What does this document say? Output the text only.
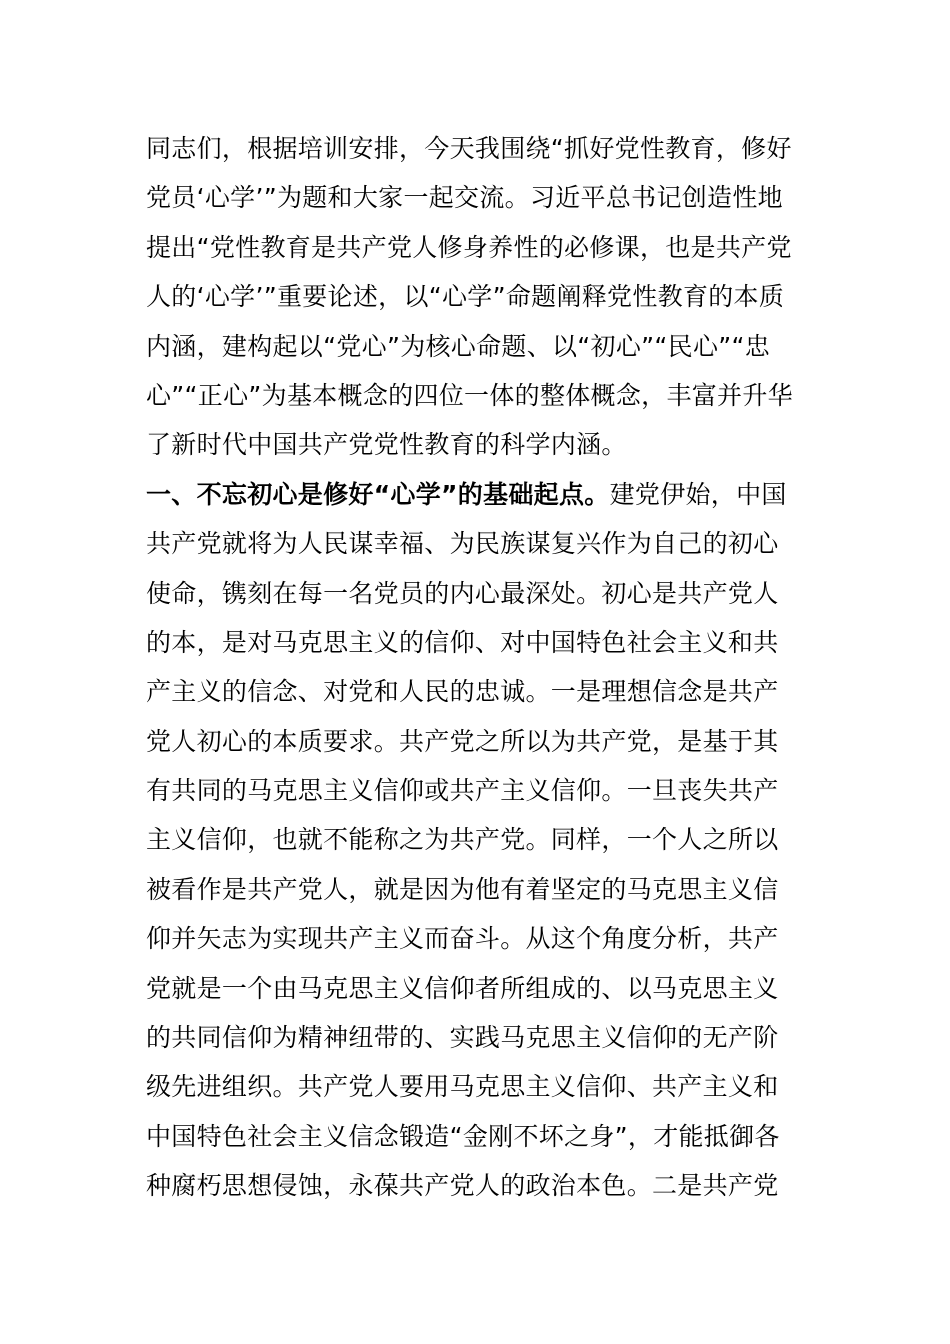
同志们，根据培训安排，今天我围绕“抓好党性教育，修好
党员‘心学’”为题和大家一起交流。习近平总书记创造性地
提出“党性教育是共产党人修身养性的必修课，也是共产党
人的‘心学’”重要论述，以“心学”命题阐释党性教育的本质
内涵，建构起以“党心”为核心命题、以“初心”“民心”“忠
心”“正心”为基本概念的四位一体的整体概念，丰富并升华
了新时代中国共产党党性教育的科学内涵。
一、不忘初心是修好“心学”的基础起点。建党伊始，中国
共产党就将为人民谋幸福、为民族谋复兴作为自己的初心
使命，镌刻在每一名党员的内心最深处。初心是共产党人
的本，是对马克思主义的信仰、对中国特色社会主义和共
产主义的信念、对党和人民的忠诚。一是理想信念是共产
党人初心的本质要求。共产党之所以为共产党，是基于其
有共同的马克思主义信仰或共产主义信仰。一旦丧失共产
主义信仰，也就不能称之为共产党。同样，一个人之所以
被看作是共产党人，就是因为他有着坚定的马克思主义信
仰并矢志为实现共产主义而奋斗。从这个角度分析，共产
党就是一个由马克思主义信仰者所组成的、以马克思主义
的共同信仰为精神纽带的、实践马克思主义信仰的无产阶
级先进组织。共产党人要用马克思主义信仰、共产主义和
中国特色社会主义信念锻造“金刚不坏之身”，才能抵御各
种腐朽思想侵蚀，永葆共产党人的政治本色。二是共产党
